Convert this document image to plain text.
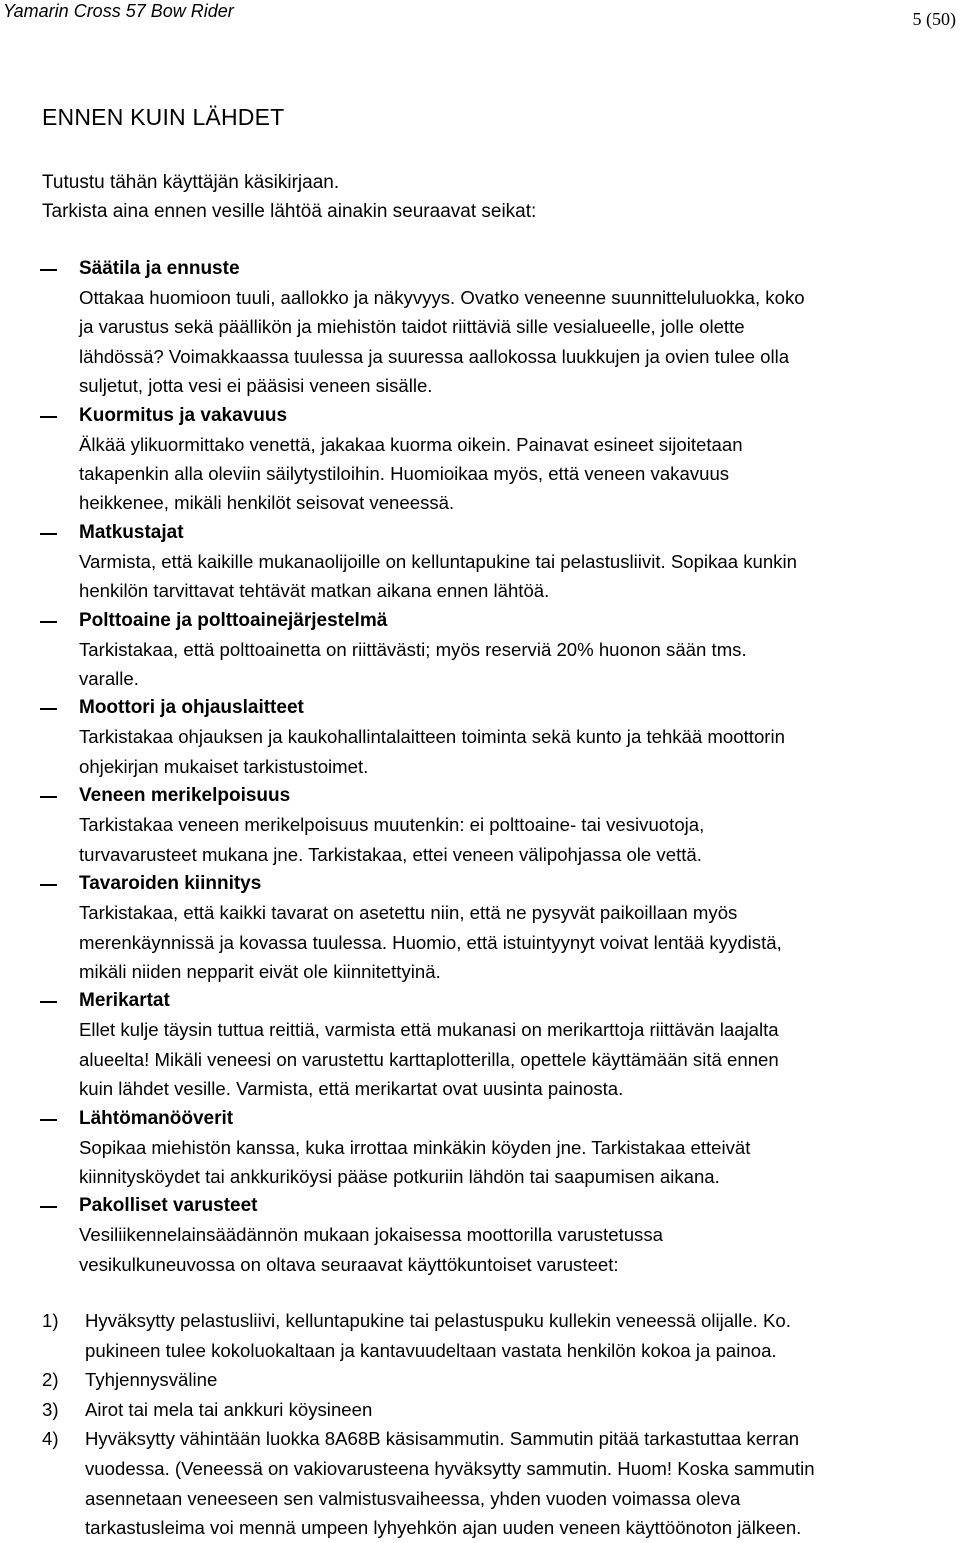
Yamarin Cross 57 Bow Rider	5 (50)
ENNEN KUIN LÄHDET
Tutustu tähän käyttäjän käsikirjaan.
Tarkista aina ennen vesille lähtöä ainakin seuraavat seikat:
Säätila ja ennuste
Ottakaa huomioon tuuli, aallokko ja näkyvyys. Ovatko veneenne suunnitteluluokka, koko
ja varustus sekä päällikön ja miehistön taidot riittäviä sille vesialueelle, jolle olette
lähdössä? Voimakkaassa tuulessa ja suuressa aallokossa luukkujen ja ovien tulee olla
suljetut, jotta vesi ei pääsisi veneen sisälle.
Kuormitus ja vakavuus
Älkää ylikuormittako venettä, jakakaa kuorma oikein. Painavat esineet sijoitetaan
takapenkin alla oleviin säilytystiloihin. Huomioikaa myös, että veneen vakavuus
heikkenee, mikäli henkilöt seisovat veneessä.
Matkustajat
Varmista, että kaikille mukanaolijoille on kelluntapukine tai pelastusliivit. Sopikaa kunkin
henkilön tarvittavat tehtävät matkan aikana ennen lähtöä.
Polttoaine ja polttoainejärjestelmä
Tarkistakaa, että polttoainetta on riittävästi; myös reserviä 20% huonon sään tms.
varalle.
Moottori ja ohjauslaitteet
Tarkistakaa ohjauksen ja kaukohallintalaitteen toiminta sekä kunto ja tehkää moottorin
ohjekirjan mukaiset tarkistustoimet.
Veneen merikelpoisuus
Tarkistakaa veneen merikelpoisuus muutenkin: ei polttoaine- tai vesivuotoja,
turvavarusteet mukana jne. Tarkistakaa, ettei veneen välipohjassa ole vettä.
Tavaroiden kiinnitys
Tarkistakaa, että kaikki tavarat on asetettu niin, että ne pysyvät paikoillaan myös
merenkäynnissä ja kovassa tuulessa. Huomio, että istuintyynyt voivat lentää kyydistä,
mikäli niiden nepparit eivät ole kiinnitettyinä.
Merikartat
Ellet kulje täysin tuttua reittiä, varmista että mukanasi on merikarttoja riittävän laajalta
alueelta! Mikäli veneesi on varustettu karttaplotterilla, opettele käyttämään sitä ennen
kuin lähdet vesille. Varmista, että merikartat ovat uusinta painosta.
Lähtömanööverit
Sopikaa miehistön kanssa, kuka irrottaa minkäkin köyden jne. Tarkistakaa etteivät
kiinnitysköydet tai ankkuriköysi pääse potkuriin lähdön tai saapumisen aikana.
Pakolliset varusteet
Vesiliikennelainsäädännön mukaan jokaisessa moottorilla varustetussa
vesikulkuneuvossa on oltava seuraavat käyttökuntoiset varusteet:
1) Hyväksytty pelastusliivi, kelluntapukine tai pelastuspuku kullekin veneessä olijalle. Ko.
pukineen tulee kokoluokaltaan ja kantavuudeltaan vastata henkilön kokoa ja painoa.
2) Tyhjennysväline
3) Airot tai mela tai ankkuri köysineen
4) Hyväksytty vähintään luokka 8A68B käsisammutin. Sammutin pitää tarkastuttaa kerran
vuodessa. (Veneessä on vakiovarusteena hyväksytty sammutin. Huom! Koska sammutin
asennetaan veneeseen sen valmistusvaiheessa, yhden vuoden voimassa oleva
tarkastusleima voi mennä umpeen lyhyehkön ajan uuden veneen käyttöönoton jälkeen.
